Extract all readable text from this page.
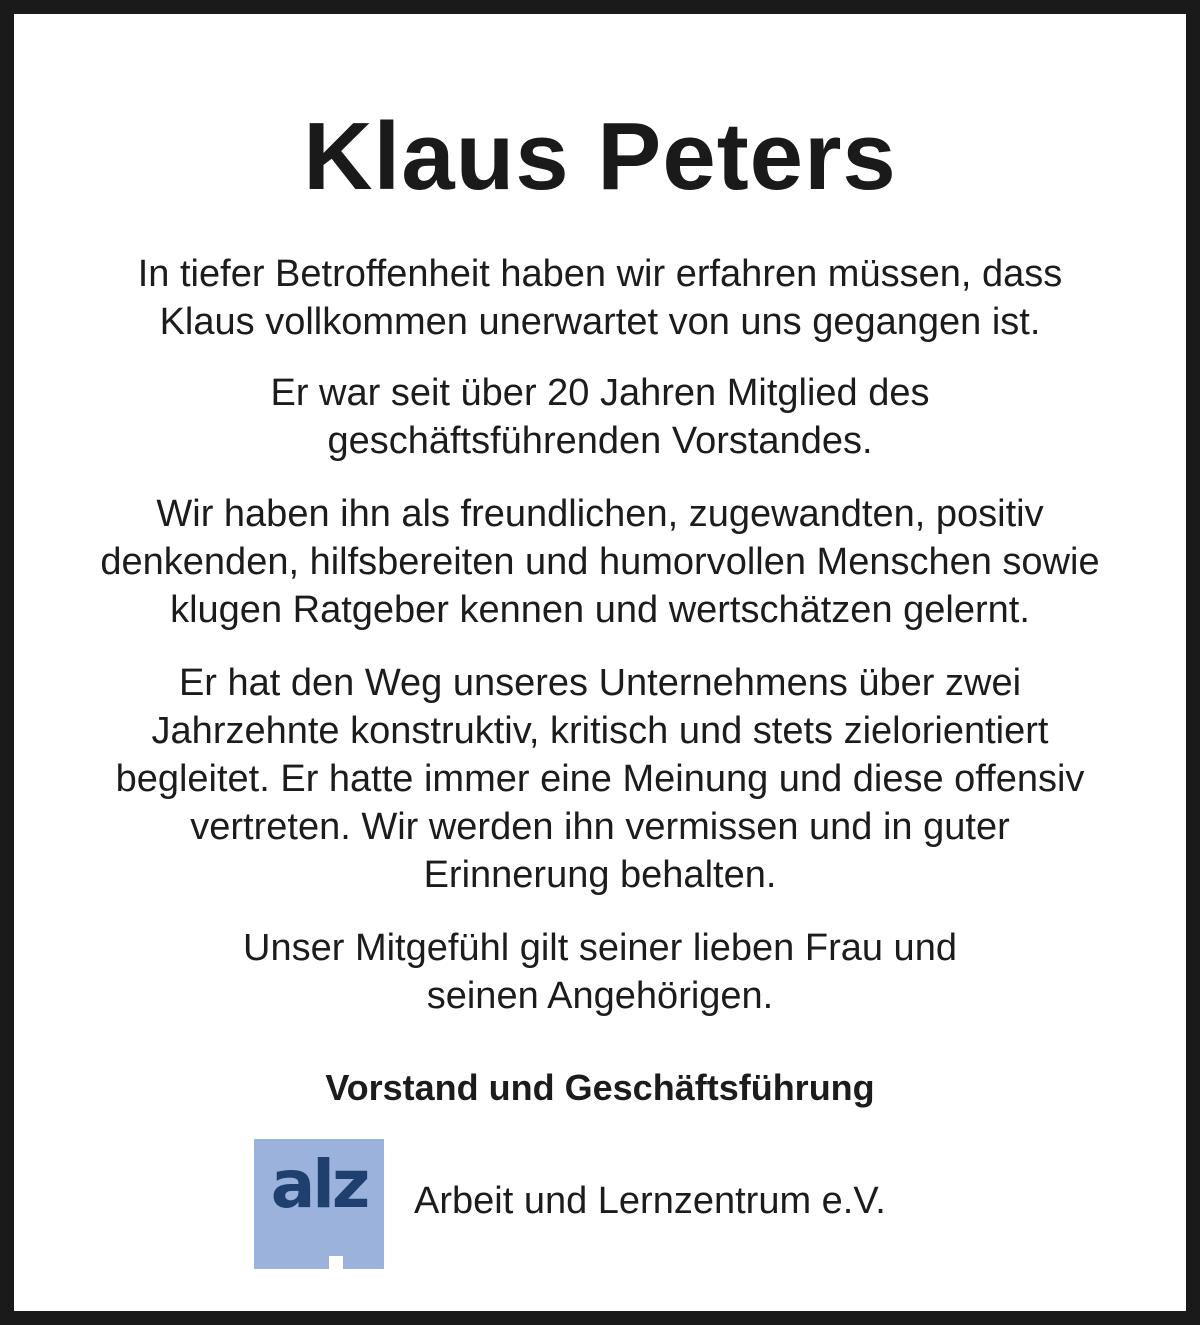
Klaus Peters
In tiefer Betroffenheit haben wir erfahren müssen, dass
Klaus vollkommen unerwartet von uns gegangen ist.
Er war seit über 20 Jahren Mitglied des
geschäftsführenden Vorstandes.
Wir haben ihn als freundlichen, zugewandten, positiv
denkenden, hilfsbereiten und humorvollen Menschen sowie
klugen Ratgeber kennen und wertschätzen gelernt.
Er hat den Weg unseres Unternehmens über zwei
Jahrzehnte konstruktiv, kritisch und stets zielorientiert
begleitet. Er hatte immer eine Meinung und diese offensiv
vertreten. Wir werden ihn vermissen und in guter
Erinnerung behalten.
Unser Mitgefühl gilt seiner lieben Frau und
seinen Angehörigen.
Vorstand und Geschäftsführung
alz	Arbeit und Lernzentrum e.V.
